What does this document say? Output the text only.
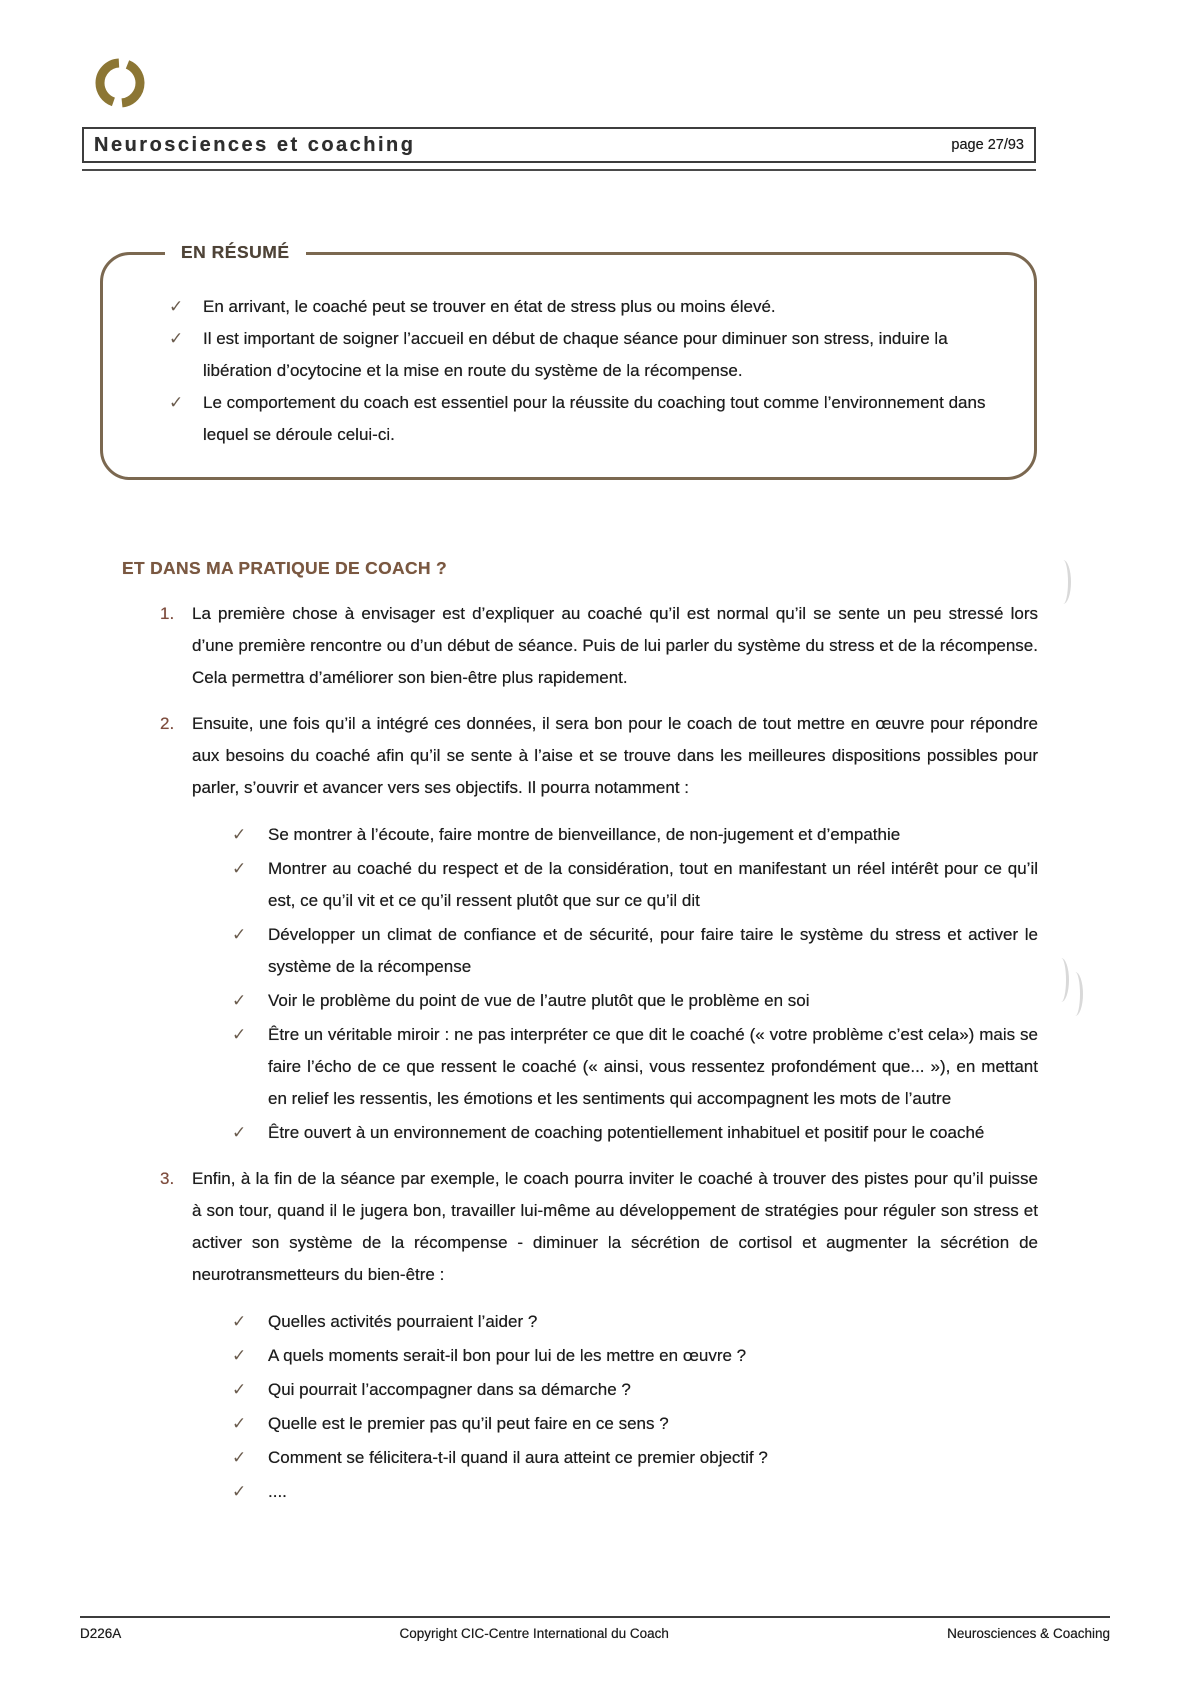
Neurosciences et coaching	page 27/93
EN RÉSUMÉ
✓	En arrivant, le coaché peut se trouver en état de stress plus ou moins élevé.
✓	Il est important de soigner l’accueil en début de chaque séance pour diminuer son stress, induire la libération d’ocytocine et la mise en route du système de la récompense.
✓	Le comportement du coach est essentiel pour la réussite du coaching tout comme l’environnement dans lequel se déroule celui-ci.
ET DANS MA PRATIQUE DE COACH ?
1.	La première chose à envisager est d’expliquer au coaché qu’il est normal qu’il se sente un peu stressé lors d’une première rencontre ou d’un début de séance. Puis de lui parler du système du stress et de la récompense. Cela permettra d’améliorer son bien-être plus rapidement.
2.	Ensuite, une fois qu’il a intégré ces données, il sera bon pour le coach de tout mettre en œuvre pour répondre aux besoins du coaché afin qu’il se sente à l’aise et se trouve dans les meilleures dispositions possibles pour parler, s’ouvrir et avancer vers ses objectifs. Il pourra notamment :
✓	Se montrer à l’écoute, faire montre de bienveillance, de non-jugement et d’empathie
✓	Montrer au coaché du respect et de la considération, tout en manifestant un réel intérêt pour ce qu’il est, ce qu’il vit et ce qu’il ressent plutôt que sur ce qu’il dit
✓	Développer un climat de confiance et de sécurité, pour faire taire le système du stress et activer le système de la récompense
✓	Voir le problème du point de vue de l’autre plutôt que le problème en soi
✓	Être un véritable miroir : ne pas interpréter ce que dit le coaché (« votre problème c’est cela») mais se faire l’écho de ce que ressent le coaché (« ainsi, vous ressentez profondément que... »), en mettant en relief les ressentis, les émotions et les sentiments qui accompagnent les mots de l’autre
✓	Être ouvert à un environnement de coaching potentiellement inhabituel et positif pour le coaché
3.	Enfin, à la fin de la séance par exemple, le coach pourra inviter le coaché à trouver des pistes pour qu’il puisse à son tour, quand il le jugera bon, travailler lui-même au développement de stratégies pour réguler son stress et activer son système de la récompense - diminuer la sécrétion de cortisol et augmenter la sécrétion de neurotransmetteurs du bien-être :
✓	Quelles activités pourraient l’aider ?
✓	A quels moments serait-il bon pour lui de les mettre en œuvre ?
✓	Qui pourrait l’accompagner dans sa démarche ?
✓	Quelle est le premier pas qu’il peut faire en ce sens ?
✓	Comment se félicitera-t-il quand il aura atteint ce premier objectif ?
✓	....
D226A	Copyright CIC-Centre International du Coach	Neurosciences & Coaching
